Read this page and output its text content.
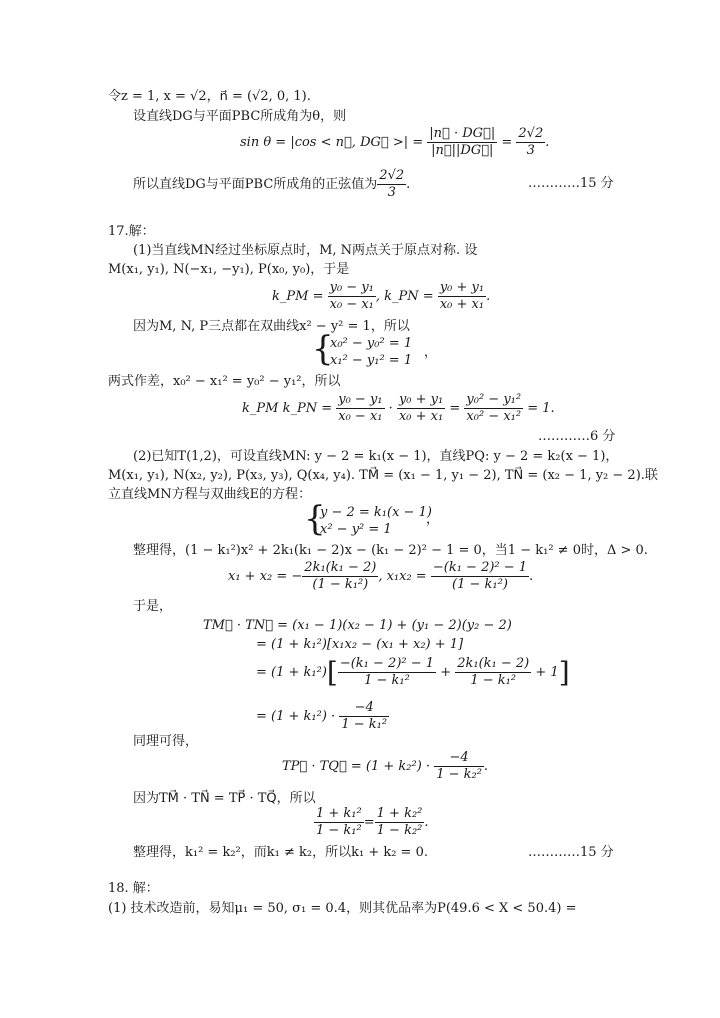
令z = 1, x = √2，n⃗ = (√2, 0, 1).
设直线DG与平面PBC所成角为θ，则
sin θ = |cos < n⃗, DG⃗ >| = $\frac{|n⃗ \cdot DG⃗|}{|n⃗||DG⃗|} = \frac{2√2}{3}$ .
所以直线DG与平面PBC所成角的正弦值为 $\frac{2√2}{3}$ .	…………15 分
17.解：
(1)当直线MN经过坐标原点时，M, N两点关于原点对称. 设
M(x₁, y₁), N(−x₁, −y₁), P(x₀, y₀)，于是
k_PM = $\frac{\text{y₀ − y₁}}{\text{x₀ − x₁}}$ , k_PN = $\frac{\text{y₀ + y₁}}{\text{x₀ + x₁}}$ .
因为M, N, P三点都在双曲线x² − y² = 1，所以
{
x₀² − y₀² = 1
x₁² − y₁² = 1
，
两式作差，x₀² − x₁² = y₀² − y₁²，所以
k_PM k_PN = $\frac{\text{y₀ − y₁}}{\text{x₀ − x₁}} \cdot \frac{\text{y₀ + y₁}}{\text{x₀ + x₁}} = \frac{\text{y₀² − y₁²}}{\text{x₀² − x₁²}} = 1$.
…………6 分
(2)已知T(1,2)，可设直线MN: y − 2 = k₁(x − 1)，直线PQ: y − 2 = k₂(x − 1)，
M(x₁, y₁), N(x₂, y₂), P(x₃, y₃), Q(x₄, y₄). TM⃗ = (x₁ − 1, y₁ − 2), TN⃗ = (x₂ − 1, y₂ − 2).联
立直线MN方程与双曲线E的方程：
{
y − 2 = k₁(x − 1)
x² − y² = 1
，
整理得，(1 − k₁²)x² + 2k₁(k₁ − 2)x − (k₁ − 2)² − 1 = 0，当1 − k₁² ≠ 0时，Δ > 0.
x₁ + x₂ = − $\frac{\text{2k₁(k₁ − 2)}}{\text{(1 − k₁²)}}$ , $x_1x_2 = \frac{\text{−(k₁ − 2)² − 1}}{\text{(1 − k₁²)}}$ .
于是，
TM⃗ · TN⃗ = (x₁ − 1)(x₂ − 1) + (y₁ − 2)(y₂ − 2)
= (1 + k₁²)[x₁x₂ − (x₁ + x₂) + 1]
= $(1 + k_1^2)[ \frac{\text{−(k₁ − 2)² − 1}}{\text{1 − k₁²}} + \frac{\text{2k₁(k₁ − 2)}}{\text{1 − k₁²}} + 1]$
= $(1 + k_1^2) \cdot \frac{-4}{\text{1 − k₁²}}$
同理可得，
TP⃗ · TQ⃗ = $(1 + k_2^2) \cdot \frac{-4}{\text{1 − k₂²}}$ .
因为TM⃗ · TN⃗ = TP⃗ · TQ⃗，所以
$\frac{\text{1 + k₁²}}{\text{1 − k₁²}} = \frac{\text{1 + k₂²}}{\text{1 − k₂²}}$ .
整理得，k₁² = k₂²，而k₁ ≠ k₂，所以k₁ + k₂ = 0.	…………15 分
18. 解：
(1) 技术改造前，易知μ₁ = 50, σ₁ = 0.4，则其优品率为P(49.6 < X < 50.4) =
